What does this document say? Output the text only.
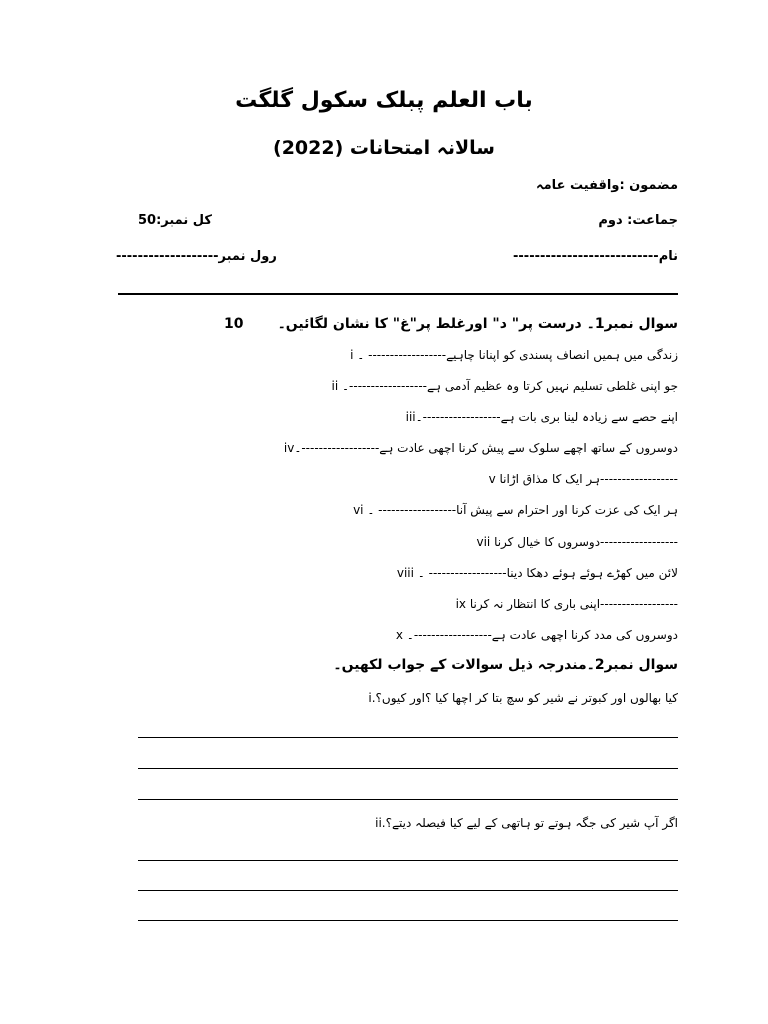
باب العلم پبلک سکول گلگت
سالانہ امتحانات (2022)
مضمون :واقفیت عامہ
کل نمبر:50	جماعت: دوم
رول نمبر-------------------	نام---------------------------
سوال نمبر1۔ درست پر" د" اورغلط پر"غ" کا نشان لگائیں۔
10
i زندگی میں ہمیں انصاف پسندی کو اپنانا چاہیے------------------ ۔
ii جو اپنی غلطی تسلیم نہیں کرتا وہ عظیم آدمی ہے------------------۔
iiiاپنے حصے سے زیادہ لینا بری بات ہے------------------۔
ivدوسروں کے ساتھ اچھے سلوک سے پیش کرنا اچھی عادت ہے------------------۔
v ہر ایک کا مذاق اڑانا------------------
vi ہر ایک کی عزت کرنا اور احترام سے پیش آنا------------------ ۔
vii دوسروں کا خیال کرنا------------------
viii لائن میں کھڑے ہوئے ہوئے دھکا دینا------------------ ۔
ix اپنی باری کا انتظار نہ کرنا------------------
x دوسروں کی مدد کرنا اچھی عادت ہے------------------۔
سوال نمبر2۔مندرجہ ذیل سوالات کے جواب لکھیں۔
i.کیا بھالوں اور کبوتر نے شیر کو سچ بتا کر اچھا کیا ؟اور کیوں؟
ii.اگر آپ شیر کی جگہ ہوتے تو ہاتھی کے لیے کیا فیصلہ دیتے؟
